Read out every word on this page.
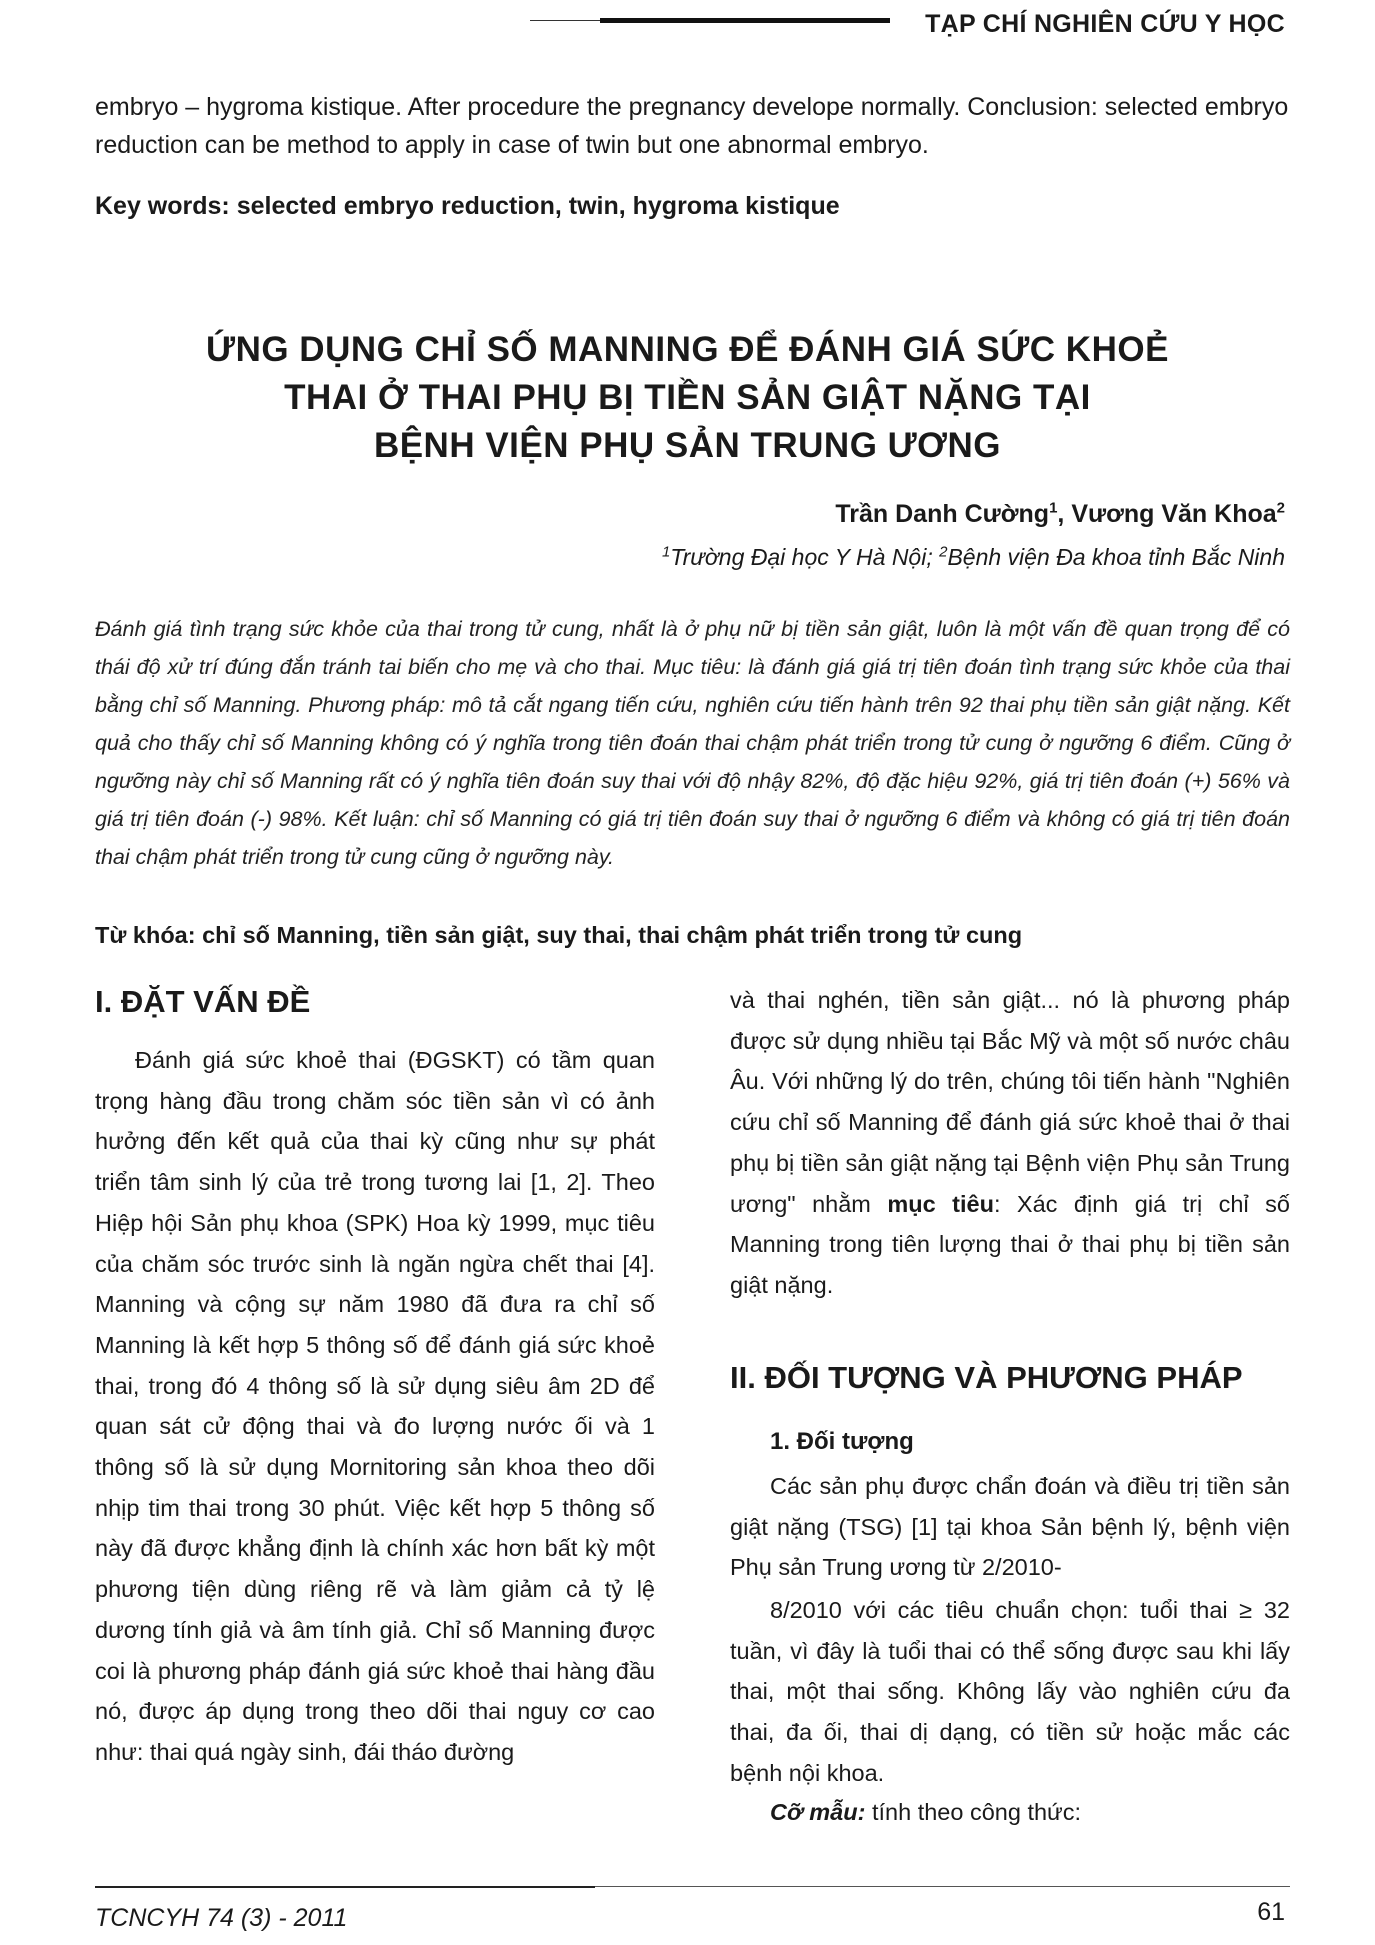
TẠP CHÍ NGHIÊN CỨU Y HỌC
embryo – hygroma kistique. After procedure the pregnancy develope normally. Conclusion: selected embryo reduction can be method to apply in case of twin but one abnormal embryo.
Key words: selected embryo reduction, twin, hygroma kistique
ỨNG DỤNG CHỈ SỐ MANNING ĐỂ ĐÁNH GIÁ SỨC KHOẺ
THAI Ở THAI PHỤ BỊ TIỀN SẢN GIẬT NẶNG TẠI
BỆNH VIỆN PHỤ SẢN TRUNG ƯƠNG
Trần Danh Cường$^1$, Vương Văn Khoa$^2$
$^1$Trường Đại học Y Hà Nội; $^2$Bệnh viện Đa khoa tỉnh Bắc Ninh
Đánh giá tình trạng sức khỏe của thai trong tử cung, nhất là ở phụ nữ bị tiền sản giật, luôn là một vấn đề quan trọng để có thái độ xử trí đúng đắn tránh tai biến cho mẹ và cho thai. Mục tiêu: là đánh giá giá trị tiên đoán tình trạng sức khỏe của thai bằng chỉ số Manning. Phương pháp: mô tả cắt ngang tiến cứu, nghiên cứu tiến hành trên 92 thai phụ tiền sản giật nặng. Kết quả cho thấy chỉ số Manning không có ý nghĩa trong tiên đoán thai chậm phát triển trong tử cung ở ngưỡng 6 điểm. Cũng ở ngưỡng này chỉ số Manning rất có ý nghĩa tiên đoán suy thai với độ nhậy 82%, độ đặc hiệu 92%, giá trị tiên đoán (+) 56% và giá trị tiên đoán (-) 98%. Kết luận: chỉ số Manning có giá trị tiên đoán suy thai ở ngưỡng 6 điểm và không có giá trị tiên đoán thai chậm phát triển trong tử cung cũng ở ngưỡng này.
Từ khóa: chỉ số Manning, tiền sản giật, suy thai, thai chậm phát triển trong tử cung
I. ĐẶT VẤN ĐỀ

Đánh giá sức khoẻ thai (ĐGSKT) có tầm quan trọng hàng đầu trong chăm sóc tiền sản vì có ảnh hưởng đến kết quả của thai kỳ cũng như sự phát triển tâm sinh lý của trẻ trong tương lai [1, 2]. Theo Hiệp hội Sản phụ khoa (SPK) Hoa kỳ 1999, mục tiêu của chăm sóc trước sinh là ngăn ngừa chết thai [4]. Manning và cộng sự năm 1980 đã đưa ra chỉ số Manning là kết hợp 5 thông số để đánh giá sức khoẻ thai, trong đó 4 thông số là sử dụng siêu âm 2D để quan sát cử động thai và đo lượng nước ối và 1 thông số là sử dụng Mornitoring sản khoa theo dõi nhịp tim thai trong 30 phút. Việc kết hợp 5 thông số này đã được khẳng định là chính xác hơn bất kỳ một phương tiện dùng riêng rẽ và làm giảm cả tỷ lệ dương tính giả và âm tính giả. Chỉ số Manning được coi là phương pháp đánh giá sức khoẻ thai hàng đầu nó, được áp dụng trong theo dõi thai nguy cơ cao như: thai quá ngày sinh, đái tháo đường

và thai nghén, tiền sản giật... nó là phương pháp được sử dụng nhiều tại Bắc Mỹ và một số nước châu Âu. Với những lý do trên, chúng tôi tiến hành "Nghiên cứu chỉ số Manning để đánh giá sức khoẻ thai ở thai phụ bị tiền sản giật nặng tại Bệnh viện Phụ sản Trung ương" nhằm mục tiêu: Xác định giá trị chỉ số Manning trong tiên lượng thai ở thai phụ bị tiền sản giật nặng.

II. ĐỐI TƯỢNG VÀ PHƯƠNG PHÁP
1. Đối tượng

Các sản phụ được chẩn đoán và điều trị tiền sản giật nặng (TSG) [1] tại khoa Sản bệnh lý, bệnh viện Phụ sản Trung ương từ 2/2010-

8/2010 với các tiêu chuẩn chọn: tuổi thai ≥ 32 tuần, vì đây là tuổi thai có thể sống được sau khi lấy thai, một thai sống. Không lấy vào nghiên cứu đa thai, đa ối, thai dị dạng, có tiền sử hoặc mắc các bệnh nội khoa.

Cỡ mẫu: tính theo công thức:

TCNCYH 74 (3) - 2011	61
